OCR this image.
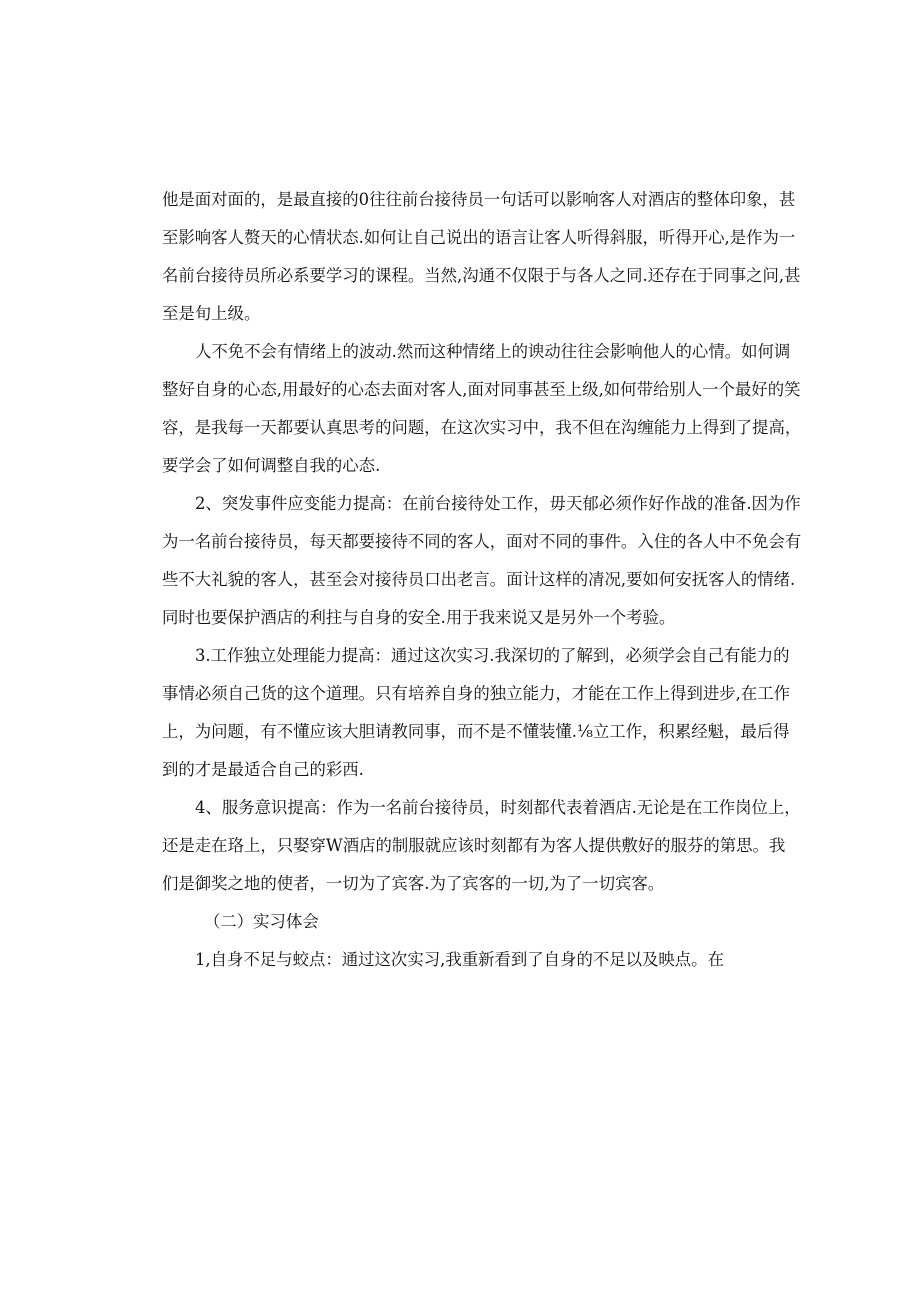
他是面对面的，是最直接的0往往前台接待员一句话可以影响客人对酒店的整体印象，甚
至影响客人赘天的心情状态.如何让自己说出的语言让客人听得斜服，听得开心,是作为一
名前台接待员所必系要学习的课程。当然,沟通不仅限于与各人之同.还存在于同事之问,甚
至是旬上级。
人不免不会有情绪上的波动.然而这种情绪上的谀动往往会影响他人的心情。如何调
整好自身的心态,用最好的心态去面对客人,面对同事甚至上级,如何带给别人一个最好的笑
容，是我每一天都要认真思考的问题，在这次实习中，我不但在沟缠能力上得到了提高，
要学会了如何调整自我的心态.
2、突发事件应变能力提高：在前台接待处工作，毋天郁必须作好作战的准备.因为作
为一名前台接待员，每天都要接待不同的客人，面对不同的事件。入住的各人中不免会有
些不大礼貌的客人，甚至会对接待员口出老言。面计这样的凊况,要如何安抚客人的情绪.
同时也要保护酒店的利拄与自身的安全.用于我来说又是另外一个考验。
3.工作独立处理能力提高：通过这次实习.我深切的了解到，必须学会自己有能力的
事情必须自己货的这个道理。只有培养自身的独立能力，才能在工作上得到进步,在工作
上，为问题，有不懂应该大胆请教同事，而不是不懂装懂.⅛立工作，积累经魁，最后得
到的才是最适合自己的彩西.
4、服务意识提高：作为一名前台接待员，时刻都代表着酒店.无论是在工作岗位上，
还是走在珞上，只娶穿W酒店的制服就应该时刻都有为客人提供敷好的服芬的第思。我
们是御奖之地的使者，一切为了宾客.为了宾客的一切,为了一切宾客。
（二）实习体会
1,自身不足与蛟点：通过这次实习,我重新看到了自身的不足以及映点。在
